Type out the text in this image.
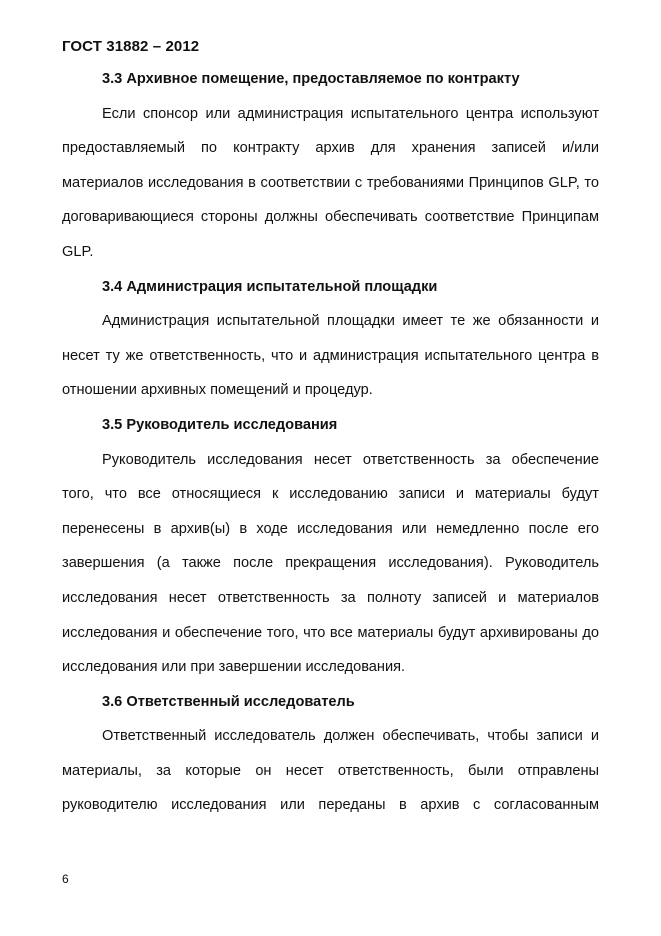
ГОСТ 31882 – 2012

3.3 Архивное помещение, предоставляемое по контракту

Если спонсор или администрация испытательного центра используют предоставляемый по контракту архив для хранения записей и/или материалов исследования в соответствии с требованиями Принципов GLP, то договаривающиеся стороны должны обеспечивать соответствие Принципам GLP.

3.4 Администрация испытательной площадки

Администрация испытательной площадки имеет те же обязанности и несет ту же ответственность, что и администрация испытательного центра в отношении архивных помещений и процедур.

3.5 Руководитель исследования

Руководитель исследования несет ответственность за обеспечение того, что все относящиеся к исследованию записи и материалы будут перенесены в архив(ы) в ходе исследования или немедленно после его завершения (а также после прекращения исследования). Руководитель исследования несет ответственность за полноту записей и материалов исследования и обеспечение того, что все материалы будут архивированы до исследования или при завершении исследования.

3.6 Ответственный исследователь

Ответственный исследователь должен обеспечивать, чтобы записи и материалы, за которые он несет ответственность, были отправлены руководителю исследования или переданы в архив с согласованным

6
